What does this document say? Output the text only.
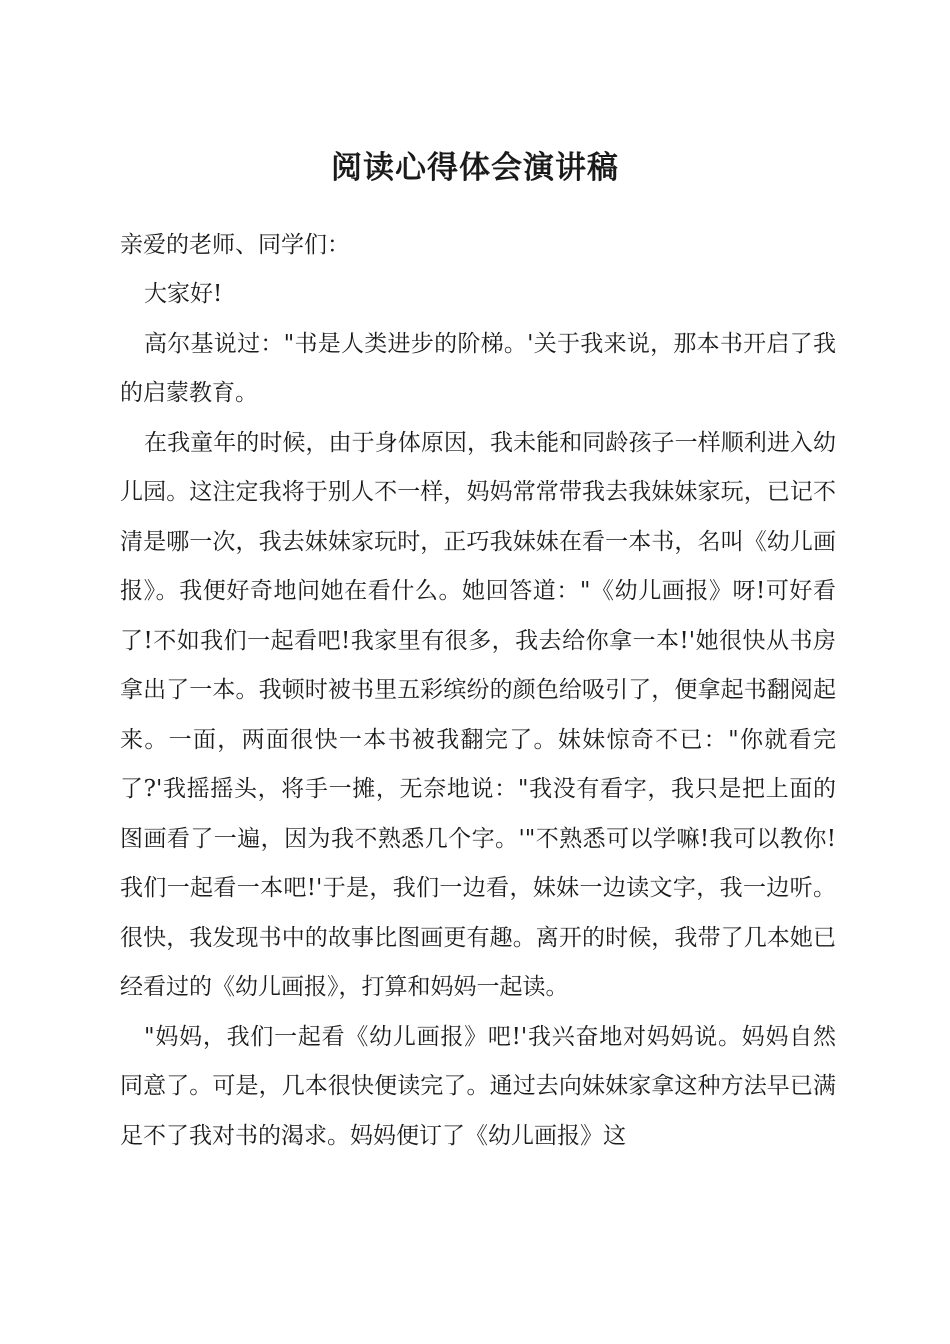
阅读心得体会演讲稿

亲爱的老师、同学们：

大家好!

高尔基说过："书是人类进步的阶梯。'关于我来说，那本书开启了我的启蒙教育。

在我童年的时候，由于身体原因，我未能和同龄孩子一样顺利进入幼儿园。这注定我将于别人不一样，妈妈常常带我去我妹妹家玩，已记不清是哪一次，我去妹妹家玩时，正巧我妹妹在看一本书，名叫《幼儿画报》。我便好奇地问她在看什么。她回答道："《幼儿画报》呀!可好看了!不如我们一起看吧!我家里有很多，我去给你拿一本!'她很快从书房拿出了一本。我顿时被书里五彩缤纷的颜色给吸引了，便拿起书翻阅起来。一面，两面很快一本书被我翻完了。妹妹惊奇不已："你就看完了?'我摇摇头，将手一摊，无奈地说："我没有看字，我只是把上面的图画看了一遍，因为我不熟悉几个字。'"不熟悉可以学嘛!我可以教你!我们一起看一本吧!'于是，我们一边看，妹妹一边读文字，我一边听。很快，我发现书中的故事比图画更有趣。离开的时候，我带了几本她已经看过的《幼儿画报》，打算和妈妈一起读。

"妈妈，我们一起看《幼儿画报》吧!'我兴奋地对妈妈说。妈妈自然同意了。可是，几本很快便读完了。通过去向妹妹家拿这种方法早已满足不了我对书的渴求。妈妈便订了《幼儿画报》这
